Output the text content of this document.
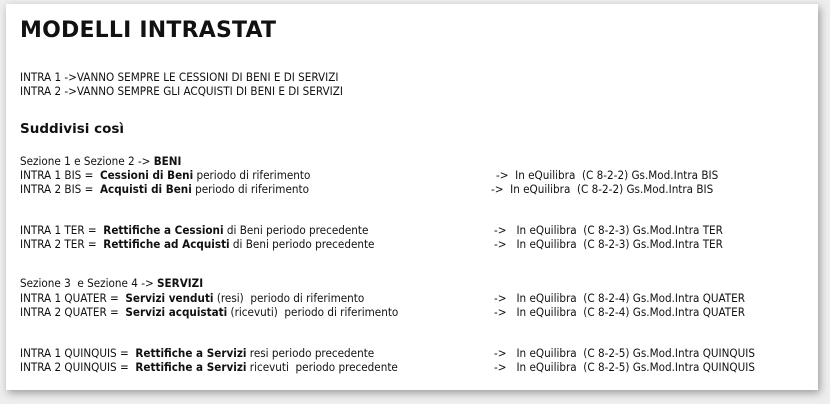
MODELLI INTRASTAT
INTRA 1 ->VANNO SEMPRE LE CESSIONI DI BENI E DI SERVIZI
INTRA 2 ->VANNO SEMPRE GLI ACQUISTI DI BENI E DI SERVIZI
Suddivisi così
Sezione 1 e Sezione 2 -> BENI
INTRA 1 BIS =  Cessioni di Beni periodo di riferimento	->  In eQuilibra  (C 8-2-2) Gs.Mod.Intra BIS
INTRA 2 BIS =  Acquisti di Beni periodo di riferimento	->  In eQuilibra  (C 8-2-2) Gs.Mod.Intra BIS
INTRA 1 TER =  Rettifiche a Cessioni di Beni periodo precedente	->   In eQuilibra  (C 8-2-3) Gs.Mod.Intra TER
INTRA 2 TER =  Rettifiche ad Acquisti di Beni periodo precedente	->   In eQuilibra  (C 8-2-3) Gs.Mod.Intra TER
Sezione 3  e Sezione 4 -> SERVIZI
INTRA 1 QUATER =  Servizi venduti (resi)  periodo di riferimento	->   In eQuilibra  (C 8-2-4) Gs.Mod.Intra QUATER
INTRA 2 QUATER =  Servizi acquistati (ricevuti)  periodo di riferimento	->   In eQuilibra  (C 8-2-4) Gs.Mod.Intra QUATER
INTRA 1 QUINQUIS =  Rettifiche a Servizi resi periodo precedente	->   In eQuilibra  (C 8-2-5) Gs.Mod.Intra QUINQUIS
INTRA 2 QUINQUIS =  Rettifiche a Servizi ricevuti  periodo precedente	->   In eQuilibra  (C 8-2-5) Gs.Mod.Intra QUINQUIS
